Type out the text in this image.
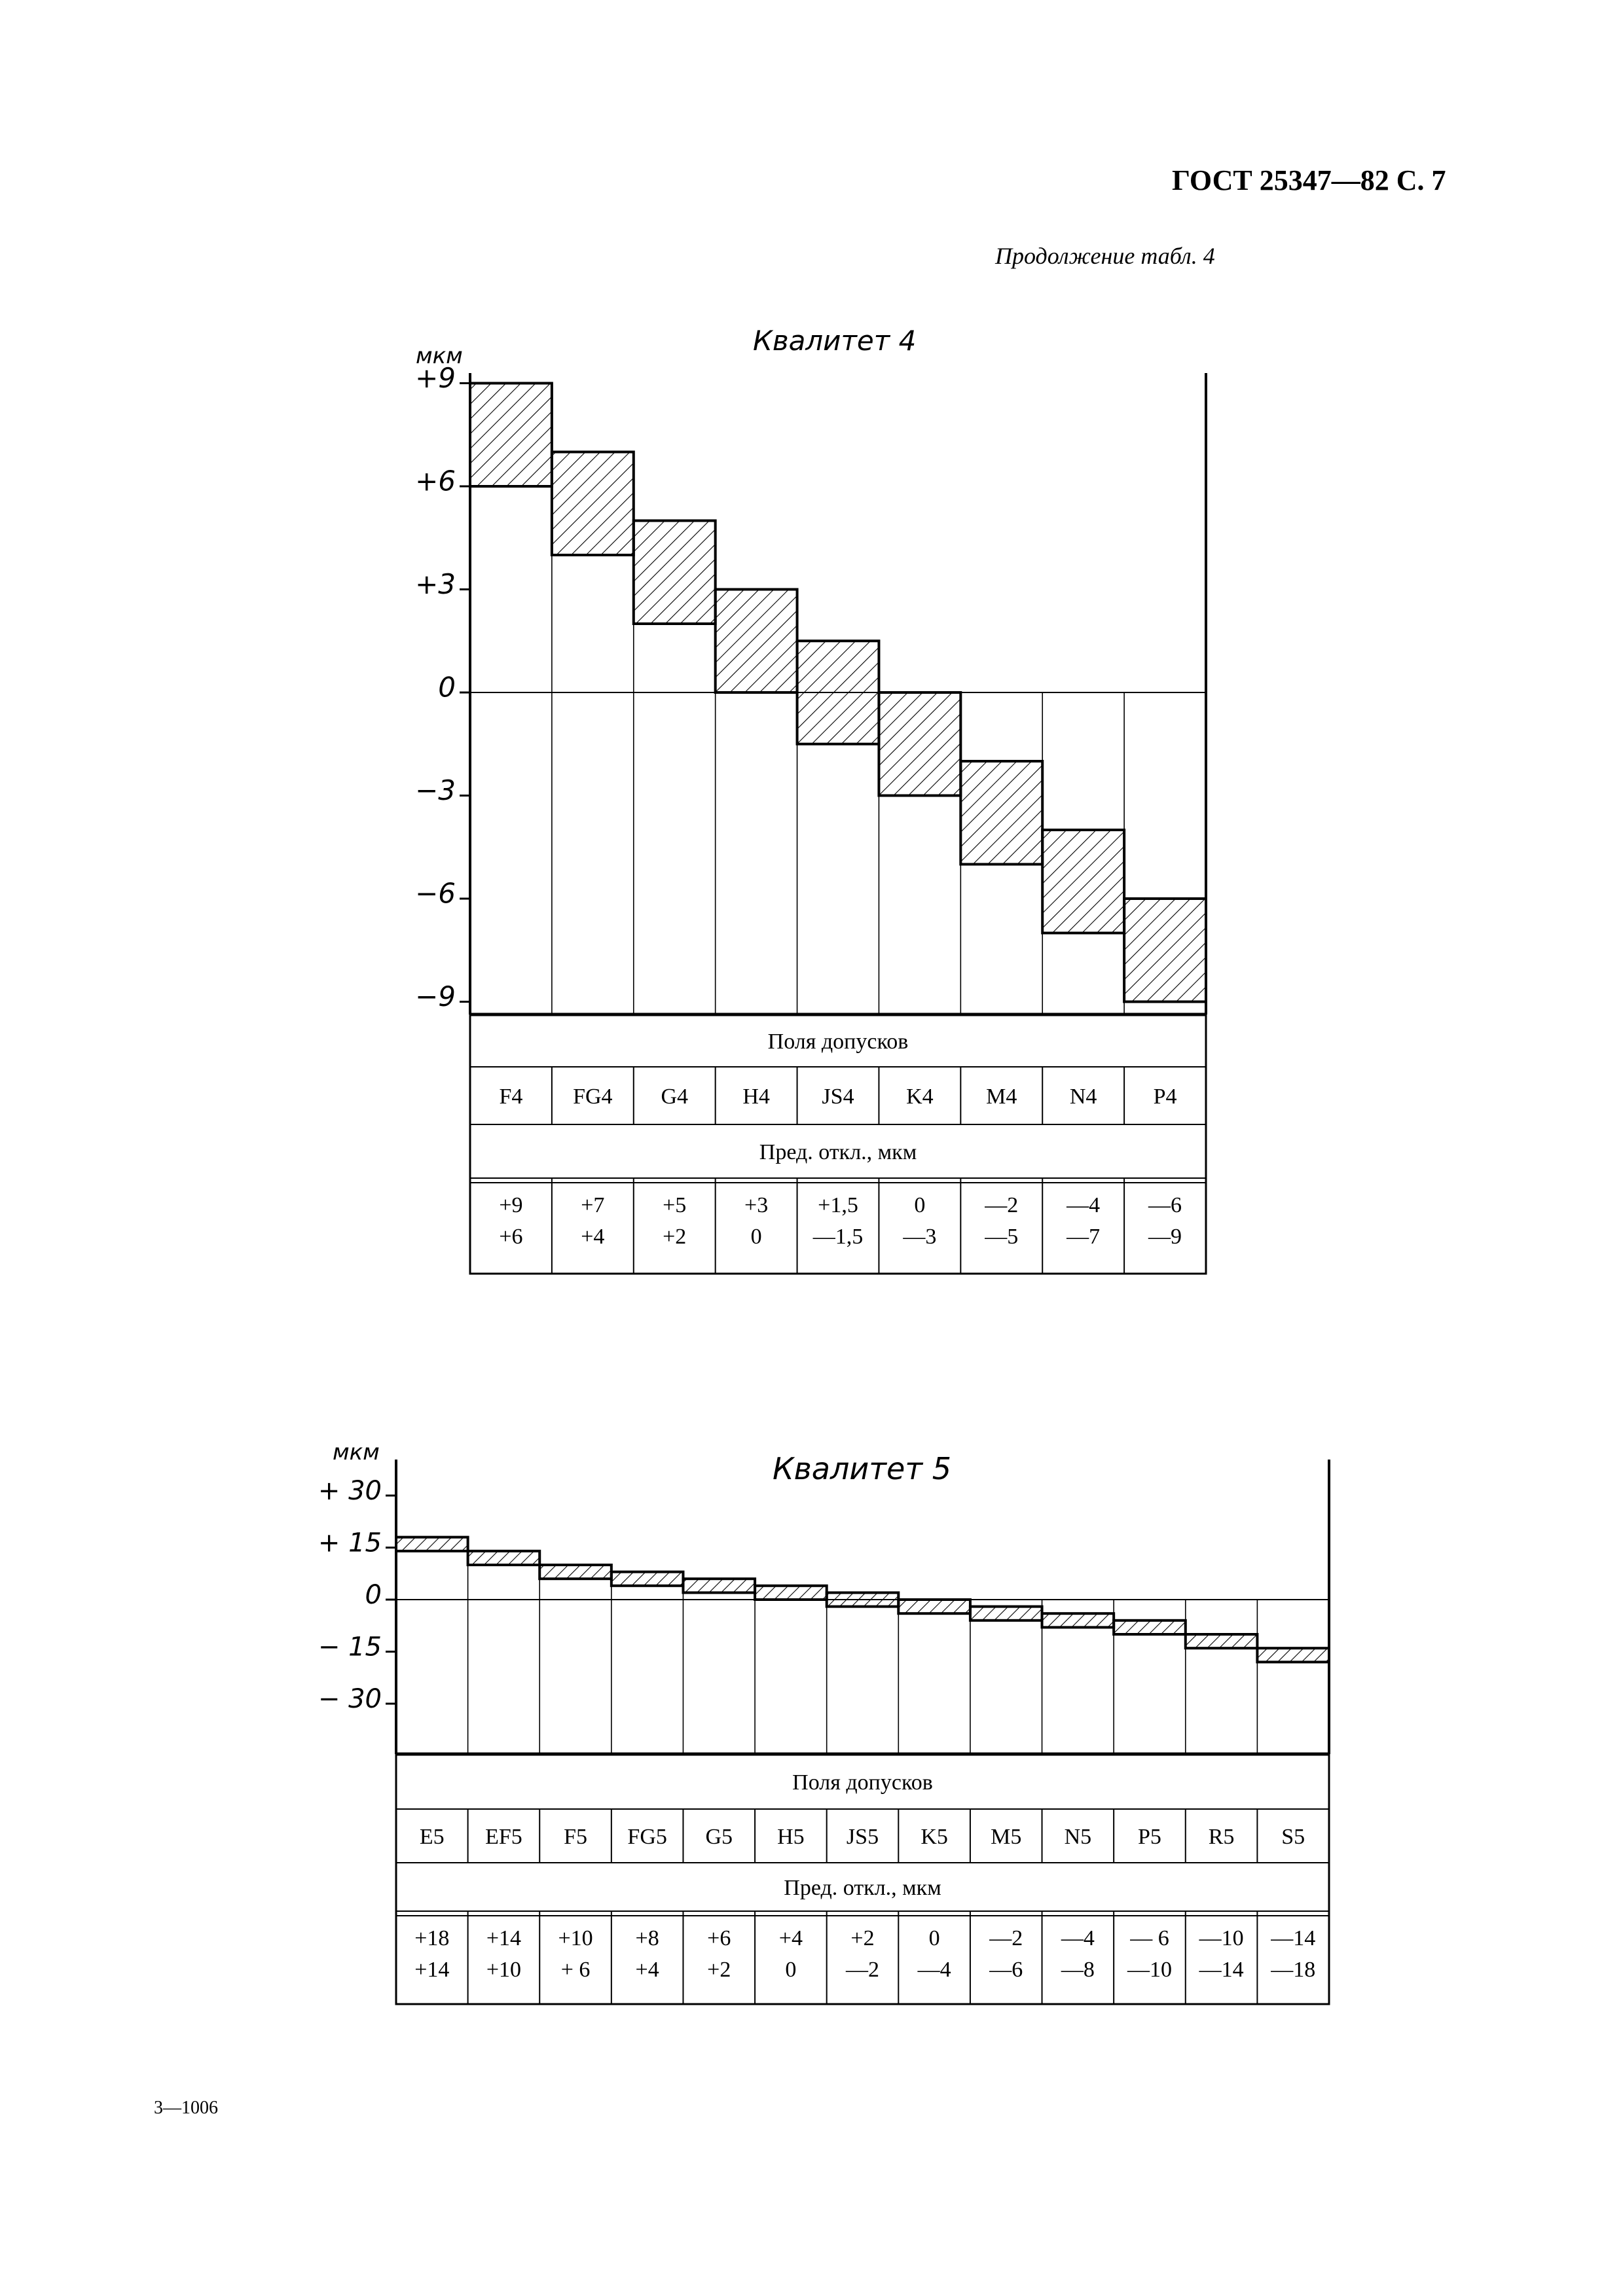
ГОСТ 25347—82 С. 7
Продолжение табл. 4
Квалитет 4
мкм
+9
+6
+3
0
−3
−6
−9
Поля допусков
Пред. откл., мкм
F4
+9
+6
FG4
+7
+4
G4
+5
+2
H4
+3
0
JS4
+1,5
—1,5
K4
0
—3
M4
—2
—5
N4
—4
—7
P4
—6
—9
Квалитет 5
мкм
+ 30
+ 15
0
− 15
− 30
Поля допусков
Пред. откл., мкм
E5
+18
+14
EF5
+14
+10
F5
+10
+ 6
FG5
+8
+4
G5
+6
+2
H5
+4
0
JS5
+2
—2
K5
0
—4
M5
—2
—6
N5
—4
—8
P5
— 6
—10
R5
—10
—14
S5
—14
—18
3—1006
